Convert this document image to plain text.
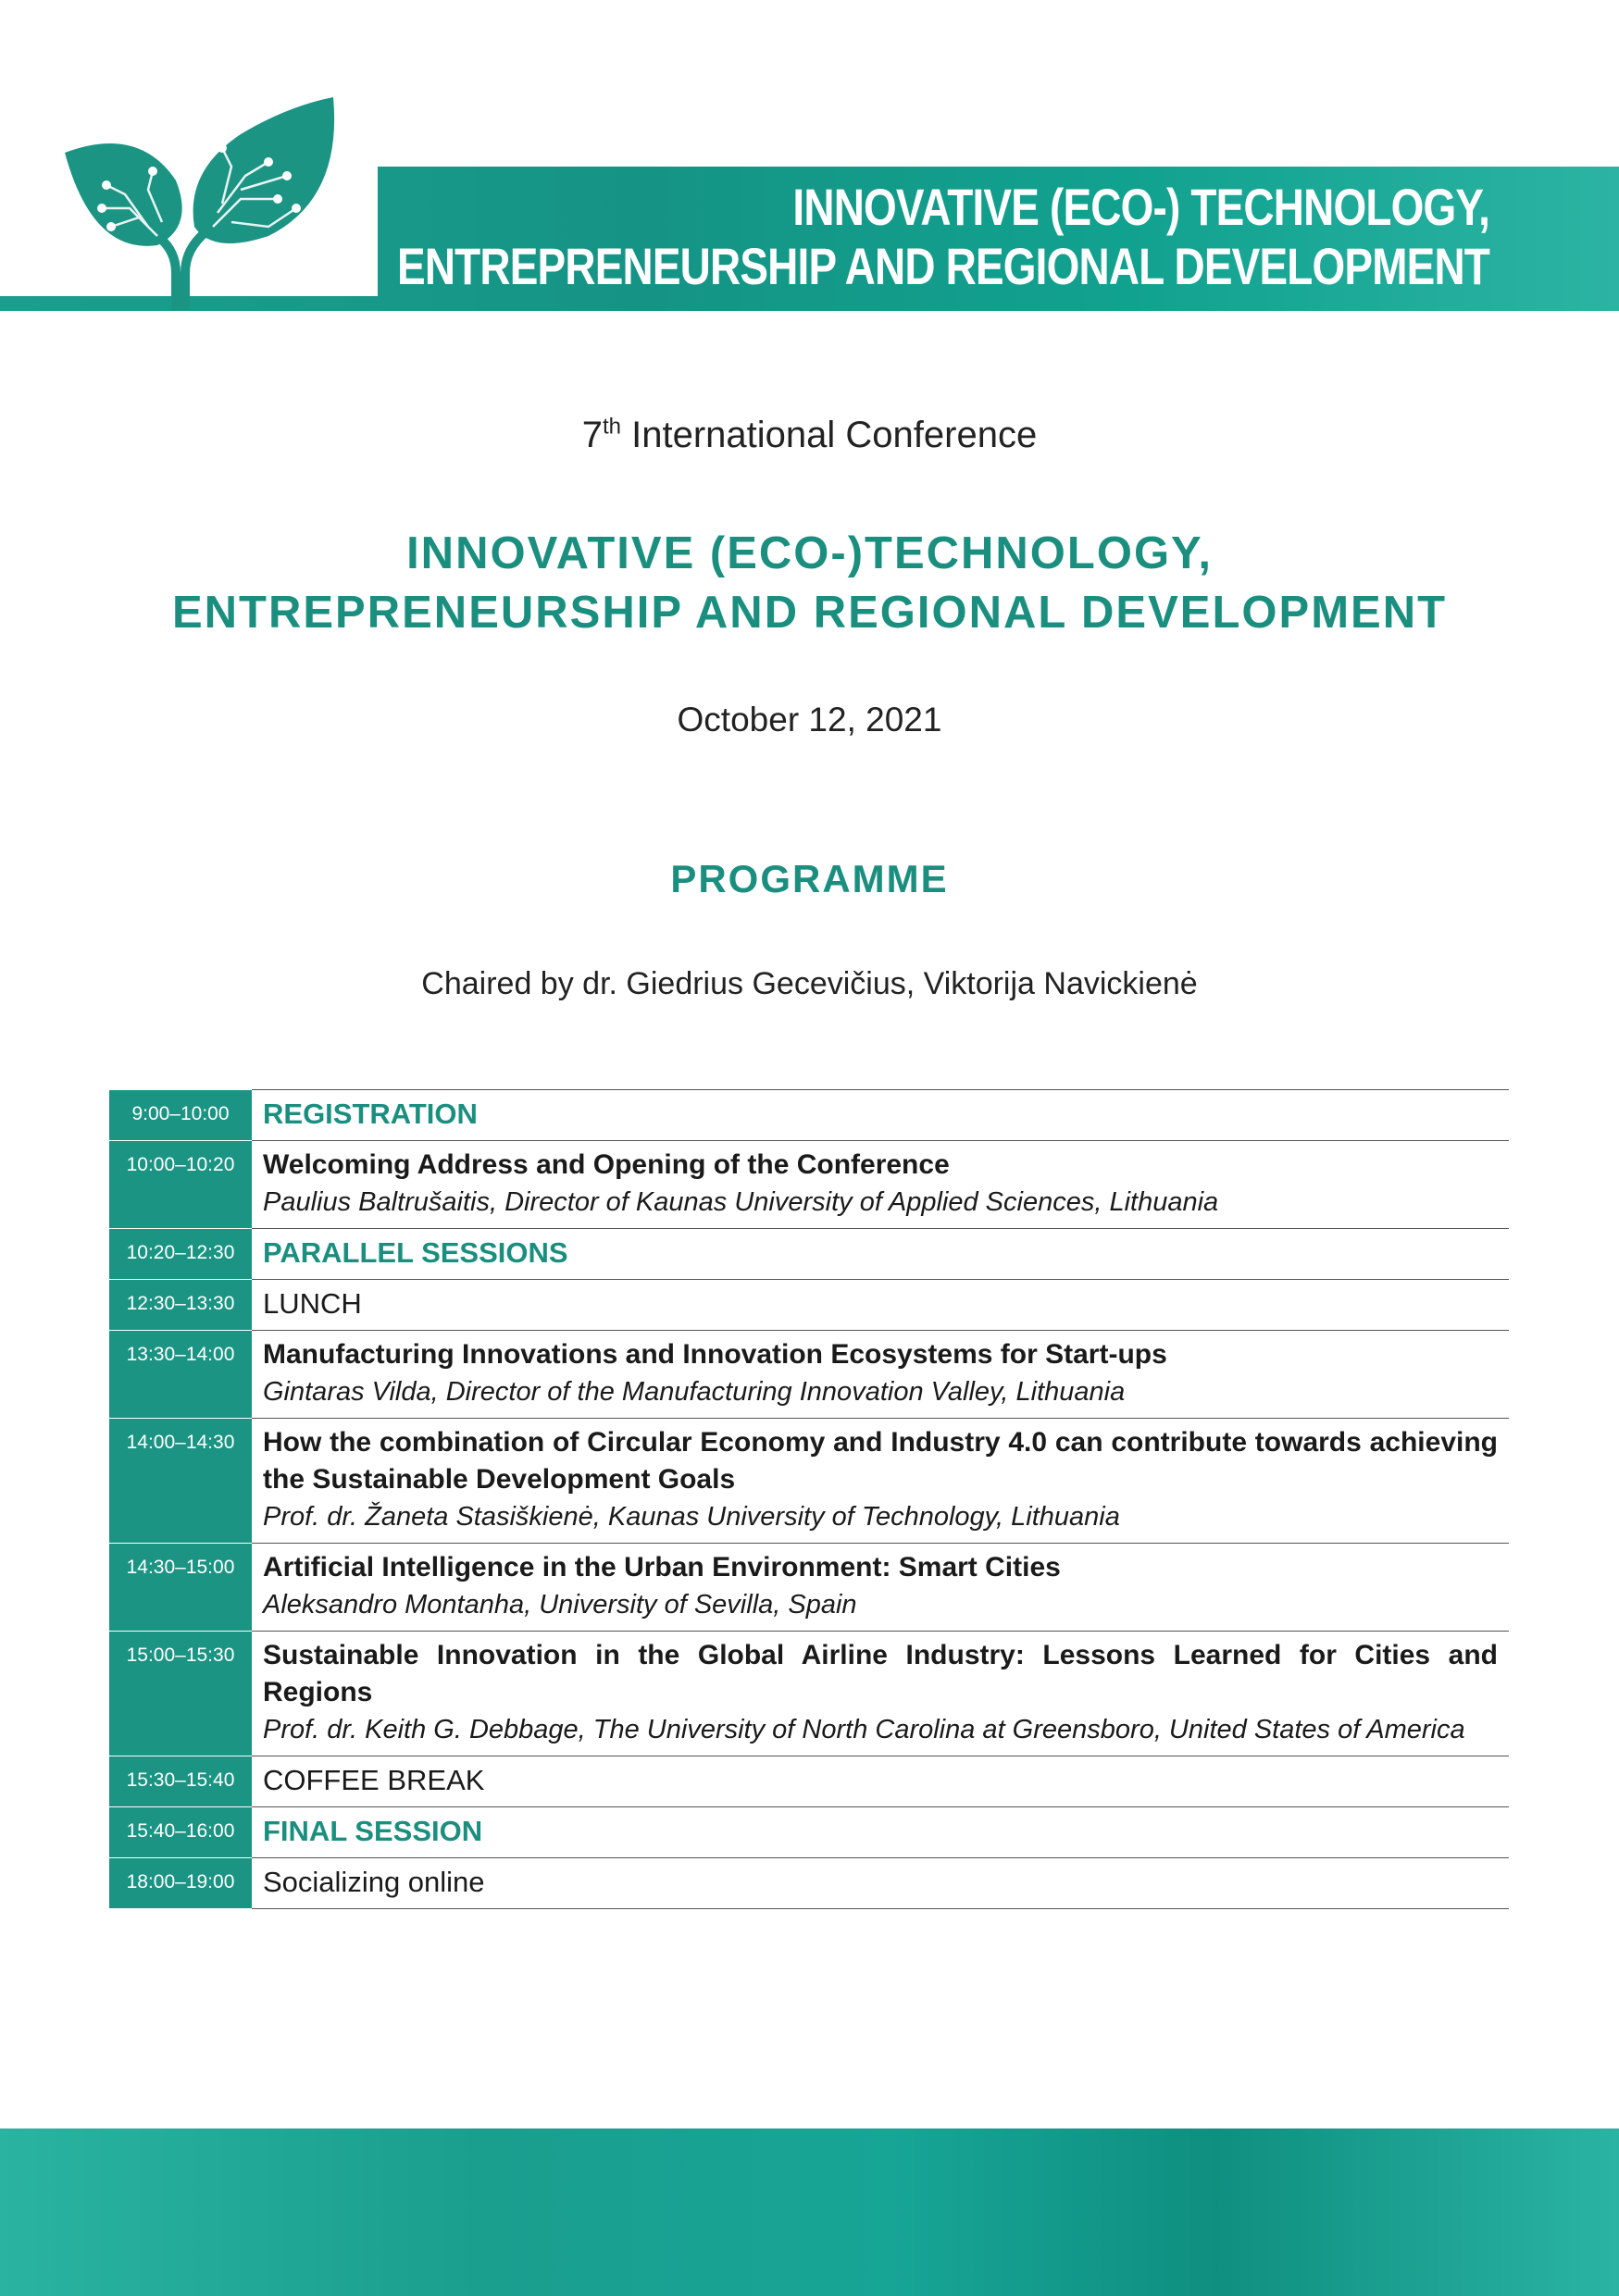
INNOVATIVE (ECO-) TECHNOLOGY,
ENTREPRENEURSHIP AND REGIONAL DEVELOPMENT
7th International Conference
INNOVATIVE (ECO-)TECHNOLOGY,
ENTREPRENEURSHIP AND REGIONAL DEVELOPMENT
October 12, 2021
PROGRAMME
Chaired by dr. Giedrius Gecevičius, Viktorija Navickienė
9:00–10:00	REGISTRATION

10:00–10:20	Welcoming Address and Opening of the Conference
Paulius Baltrušaitis, Director of Kaunas University of Applied Sciences, Lithuania

10:20–12:30	PARALLEL SESSIONS

12:30–13:30	LUNCH

13:30–14:00	Manufacturing Innovations and Innovation Ecosystems for Start-ups
Gintaras Vilda, Director of the Manufacturing Innovation Valley, Lithuania

14:00–14:30	How the combination of Circular Economy and Industry 4.0 can contribute towards achieving the Sustainable Development Goals
Prof. dr. Žaneta Stasiškienė, Kaunas University of Technology, Lithuania

14:30–15:00	Artificial Intelligence in the Urban Environment: Smart Cities
Aleksandro Montanha, University of Sevilla, Spain

15:00–15:30	Sustainable Innovation in the Global Airline Industry: Lessons Learned for Cities and Regions
Prof. dr. Keith G. Debbage, The University of North Carolina at Greensboro, United States of America

15:30–15:40	COFFEE BREAK

15:40–16:00	FINAL SESSION

18:00–19:00	Socializing online
